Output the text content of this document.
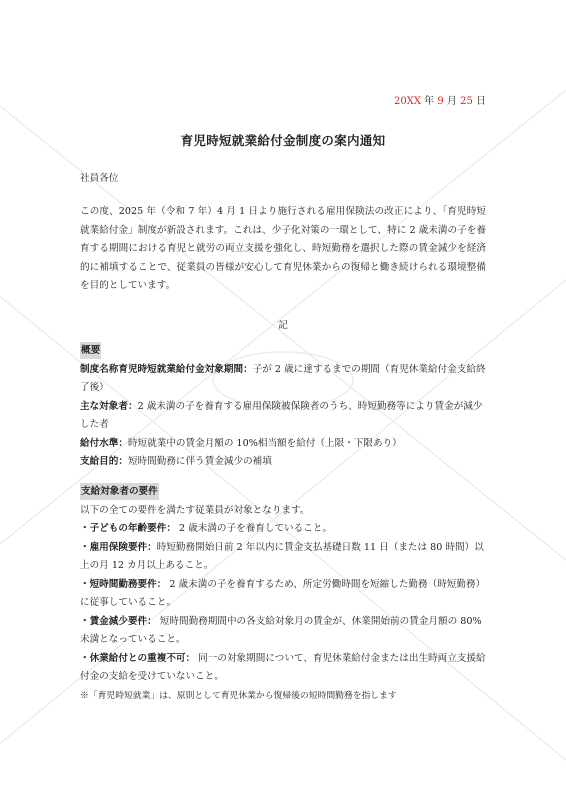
20XX 年 9 月 25 日
育児時短就業給付金制度の案内通知
社員各位
この度、2025 年（令和 7 年）4 月 1 日より施行される雇用保険法の改正により、「育児時短就業給付金」制度が新設されます。これは、少子化対策の一環として、特に 2 歳未満の子を養育する期間における育児と就労の両立支援を強化し、時短勤務を選択した際の賃金減少を経済的に補填することで、従業員の皆様が安心して育児休業からの復帰と働き続けられる環境整備を目的としています。
記
概要

制度名称育児時短就業給付金対象期間：子が 2 歳に達するまでの期間（育児休業給付金支給終了後）

主な対象者：2 歳未満の子を養育する雇用保険被保険者のうち、時短勤務等により賃金が減少した者

給付水準：時短就業中の賃金月額の 10%相当額を給付（上限・下限あり）

支給目的：短時間勤務に伴う賃金減少の補填

支給対象者の要件

以下の全ての要件を満たす従業員が対象となります。

・子どもの年齢要件： 2 歳未満の子を養育していること。

・雇用保険要件：時短勤務開始日前 2 年以内に賃金支払基礎日数 11 日（または 80 時間）以上の月 12 カ月以上あること。

・短時間勤務要件： 2 歳未満の子を養育するため、所定労働時間を短縮した勤務（時短勤務）に従事していること。

・賃金減少要件： 短時間勤務期間中の各支給対象月の賃金が、休業開始前の賃金月額の 80%未満となっていること。

・休業給付との重複不可： 同一の対象期間について、育児休業給付金または出生時両立支援給付金の支給を受けていないこと。

※「育児時短就業」は、原則として育児休業から復帰後の短時間勤務を指します
